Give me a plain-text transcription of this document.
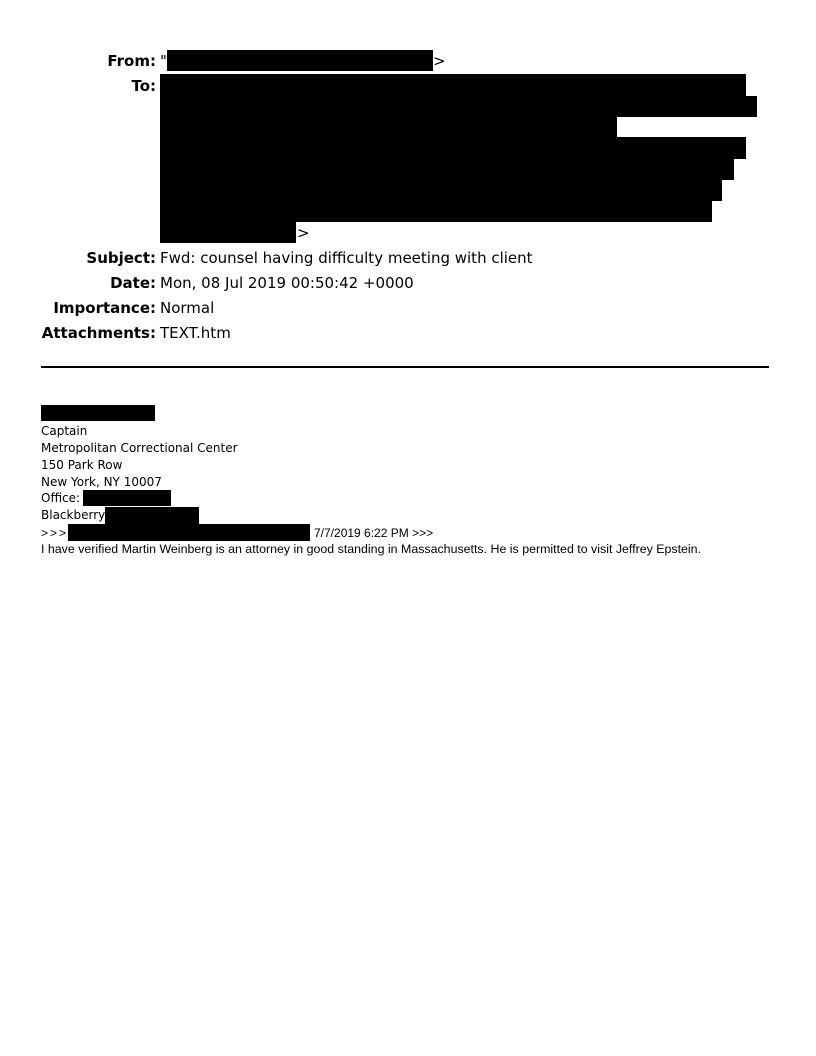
From: "	>
To:
>
Subject: Fwd: counsel having difficulty meeting with client
Date: Mon, 08 Jul 2019 00:50:42 +0000
Importance: Normal
Attachments: TEXT.htm
Captain
Metropolitan Correctional Center
150 Park Row
New York, NY 10007
Office:
Blackberry
>>>	7/7/2019 6:22 PM >>>
I have verified Martin Weinberg is an attorney in good standing in Massachusetts. He is permitted to visit Jeffrey Epstein.
